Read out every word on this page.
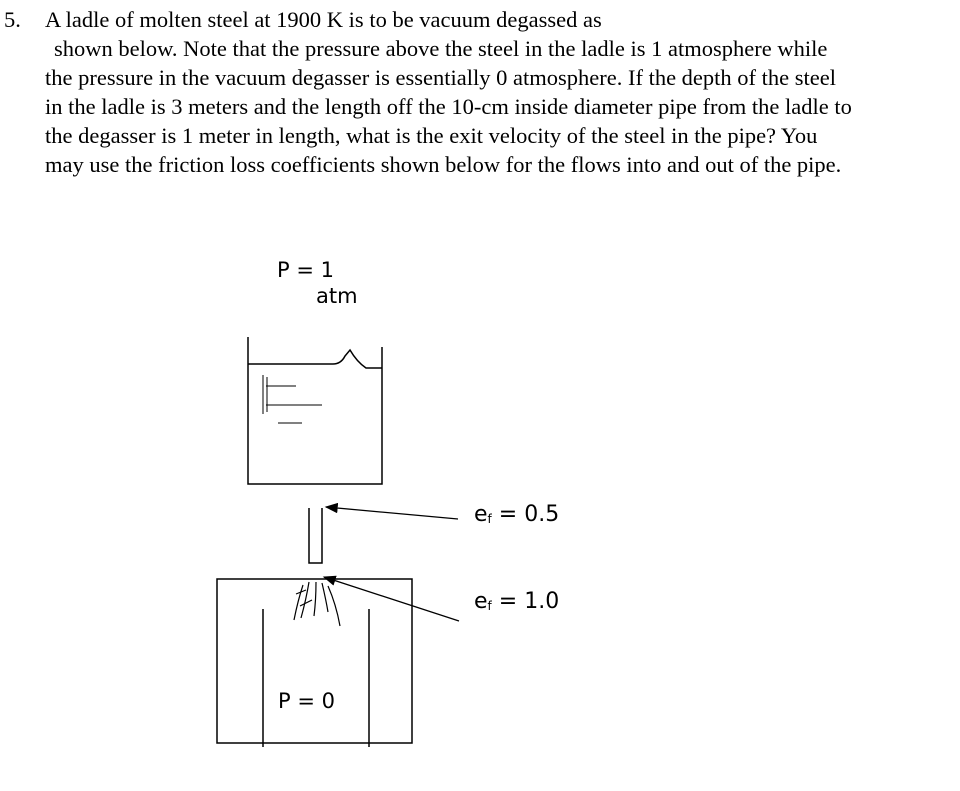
5. A ladle of molten steel at 1900 K is to be vacuum degassed as
shown below. Note that the pressure above the steel in the ladle is 1 atmosphere while
the pressure in the vacuum degasser is essentially 0 atmosphere. If the depth of the steel
in the ladle is 3 meters and the length off the 10-cm inside diameter pipe from the ladle to
the degasser is 1 meter in length, what is the exit velocity of the steel in the pipe? You
may use the friction loss coefficients shown below for the flows into and out of the pipe.
P = 1
atm
P = 0
$e_f = 0.5$
$e_f = 1.0$
